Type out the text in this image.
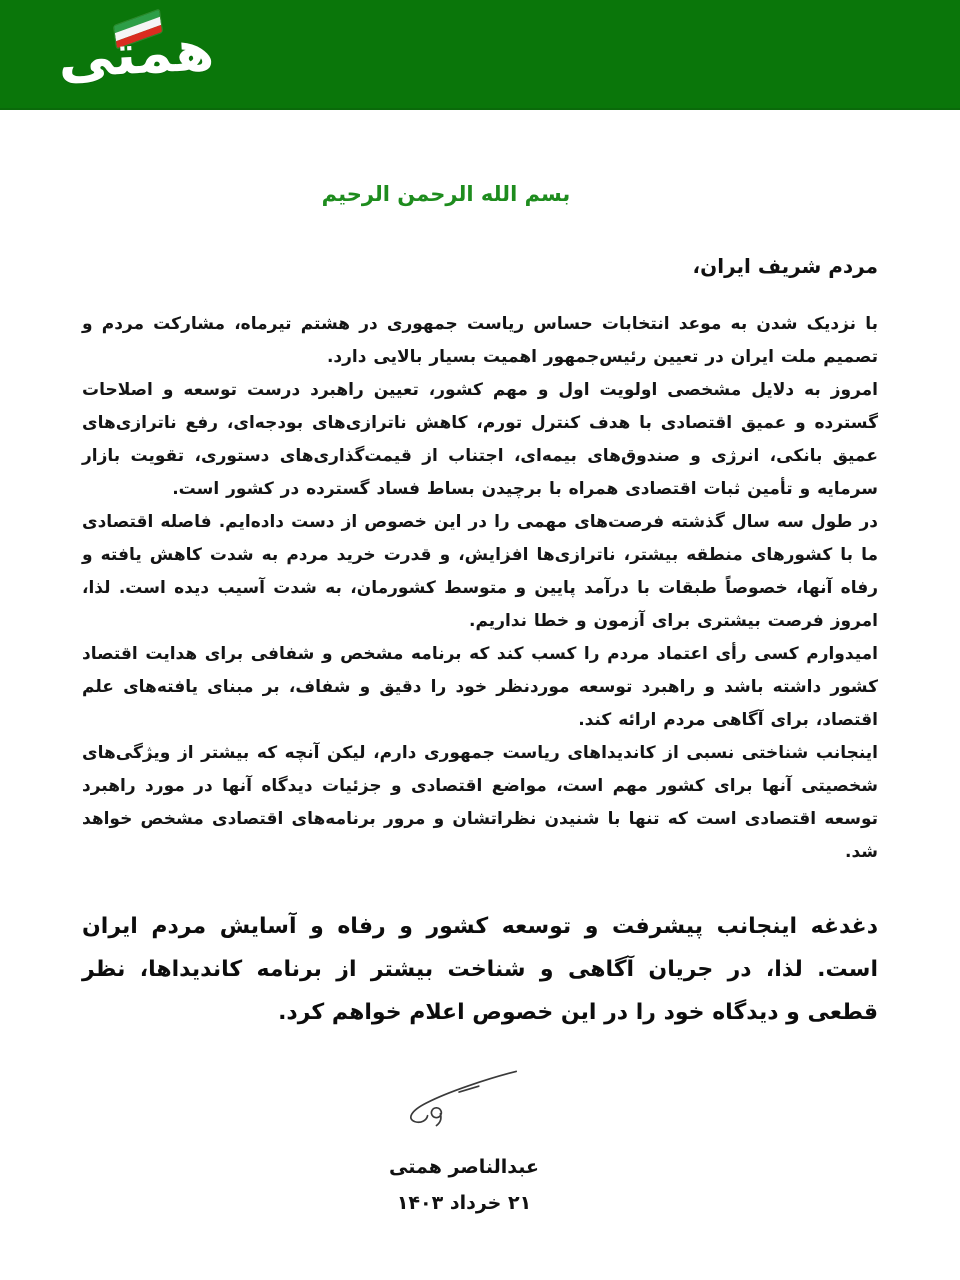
همتی
بسم الله الرحمن الرحیم
مردم شریف ایران،

با نزدیک شدن به موعد انتخابات حساس ریاست جمهوری در هشتم تیرماه، مشارکت مردم و تصمیم ملت ایران در تعیین رئیس‌جمهور اهمیت بسیار بالایی دارد.

امروز به دلایل مشخصی اولویت اول و مهم کشور، تعیین راهبرد درست توسعه و اصلاحات گسترده و عمیق اقتصادی با هدف کنترل تورم، کاهش ناترازی‌های بودجه‌ای، رفع ناترازی‌های عمیق بانکی، انرژی و صندوق‌های بیمه‌ای، اجتناب از قیمت‌گذاری‌های دستوری، تقویت بازار سرمایه و تأمین ثبات اقتصادی همراه با برچیدن بساط فساد گسترده در کشور است.

در طول سه سال گذشته فرصت‌های مهمی را در این خصوص از دست داده‌ایم. فاصله اقتصادی ما با کشورهای منطقه بیشتر، ناترازی‌ها افزایش، و قدرت خرید مردم به شدت کاهش یافته و رفاه آنها، خصوصاً طبقات با درآمد پایین و متوسط کشورمان، به شدت آسیب دیده است. لذا، امروز فرصت بیشتری برای آزمون و خطا نداریم.

امیدوارم کسی رأی اعتماد مردم را کسب کند که برنامه مشخص و شفافی برای هدایت اقتصاد کشور داشته باشد و راهبرد توسعه موردنظر خود را دقیق و شفاف، بر مبنای یافته‌های علم اقتصاد، برای آگاهی مردم ارائه کند.

اینجانب شناختی نسبی از کاندیداهای ریاست جمهوری دارم، لیکن آنچه که بیشتر از ویژگی‌های شخصیتی آنها برای کشور مهم است، مواضع اقتصادی و جزئیات دیدگاه آنها در مورد راهبرد توسعه اقتصادی است که تنها با شنیدن نظراتشان و مرور برنامه‌های اقتصادی مشخص خواهد شد.

دغدغه اینجانب پیشرفت و توسعه کشور و رفاه و آسایش مردم ایران است. لذا، در جریان آگاهی و شناخت بیشتر از برنامه کاندیداها، نظر قطعی و دیدگاه خود را در این خصوص اعلام خواهم کرد.
عبدالناصر همتی
۲۱ خرداد ۱۴۰۳
